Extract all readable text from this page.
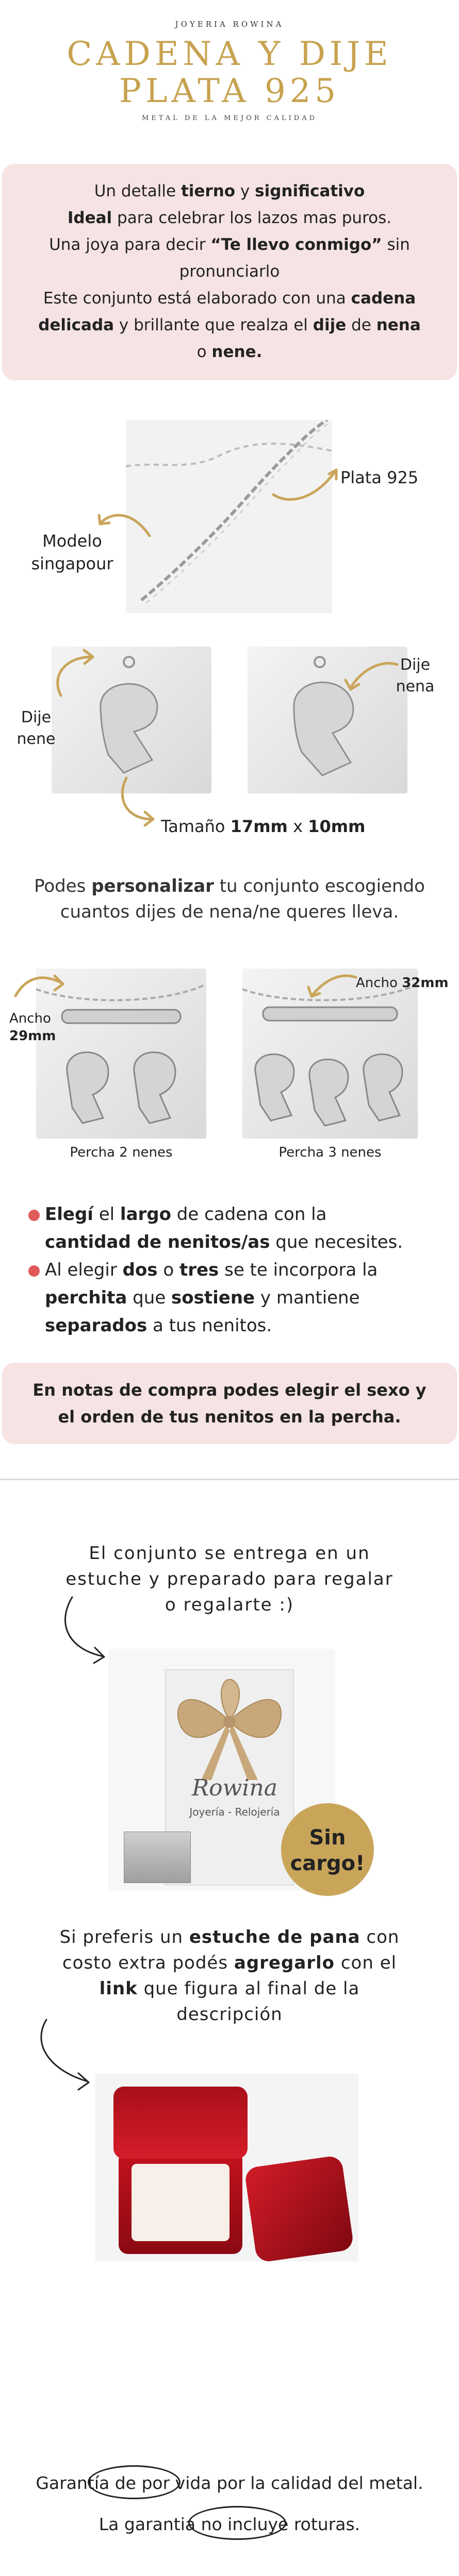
JOYERIA ROWINA
CADENA Y DIJE
PLATA 925
METAL DE LA MEJOR CALIDAD
Un detalle tierno y significativo
Ideal para celebrar los lazos mas puros.
Una joya para decir “Te llevo conmigo” sin
pronunciarlo
Este conjunto está elaborado con una cadena
delicada y brillante que realza el dije de nena
o nene.
Plata 925
Modelo
singapour
Dije
nene
Dije
nena
Tamaño 17mm x 10mm
Podes personalizar tu conjunto escogiendo
cuantos dijes de nena/ne queres lleva.
Ancho
29mm
Ancho 32mm
Percha 2 nenes	Percha 3 nenes
Elegí el largo de cadena con la
cantidad de nenitos/as que necesites.
Al elegir dos o tres se te incorpora la
perchita que sostiene y mantiene
separados a tus nenitos.
En notas de compra podes elegir el sexo y
el orden de tus nenitos en la percha.
El conjunto se entrega en un
estuche y preparado para regalar
o regalarte :)
Rowina
Joyería - Relojería
Sin
cargo!
Si preferis un estuche de pana con
costo extra podés agregarlo con el
link que figura al final de la
descripción
Garantía de por vida por la calidad del metal.
La garantia no incluye roturas.
